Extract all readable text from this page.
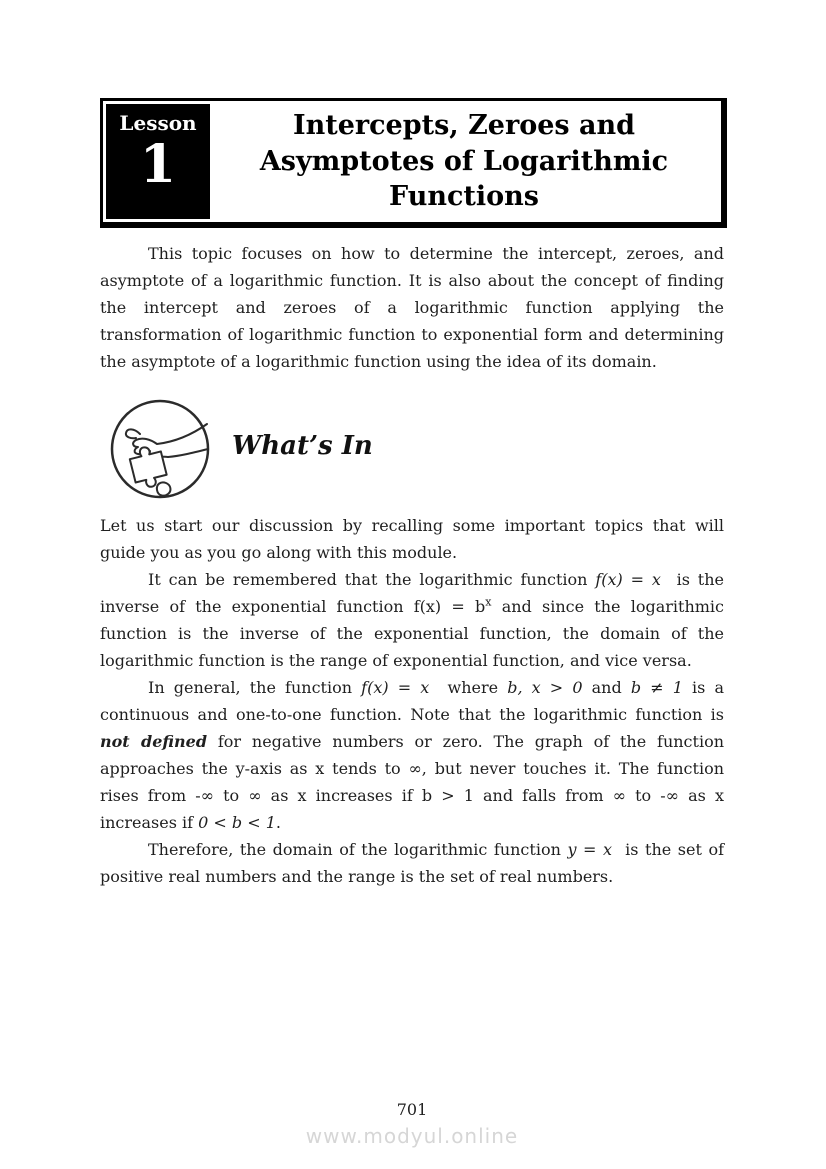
Lesson
1
Intercepts, Zeroes and Asymptotes of Logarithmic Functions

This topic focuses on how to determine the intercept, zeroes, and asymptote of a logarithmic function. It is also about the concept of finding the intercept and zeroes of a logarithmic function applying the transformation of logarithmic function to exponential form and determining the asymptote of a logarithmic function using the idea of its domain.

What’s In

Let us start our discussion by recalling some important topics that will guide you as you go along with this module.

It can be remembered that the logarithmic function f(x) = x  is the inverse of the exponential function $f(x) = b^x$ and since the logarithmic function is the inverse of the exponential function, the domain of the logarithmic function is the range of exponential function, and vice versa.

In general, the function f(x) = x  where b, x > 0 and b ≠ 1 is a continuous and one-to-one function. Note that the logarithmic function is not defined for negative numbers or zero. The graph of the function approaches the y-axis as x tends to ∞, but never touches it. The function rises from -∞ to ∞ as x increases if b > 1 and falls from ∞ to -∞ as x increases if 0 < b < 1.

Therefore, the domain of the logarithmic function y = x  is the set of positive real numbers and the range is the set of real numbers.

701
www.modyul.online
